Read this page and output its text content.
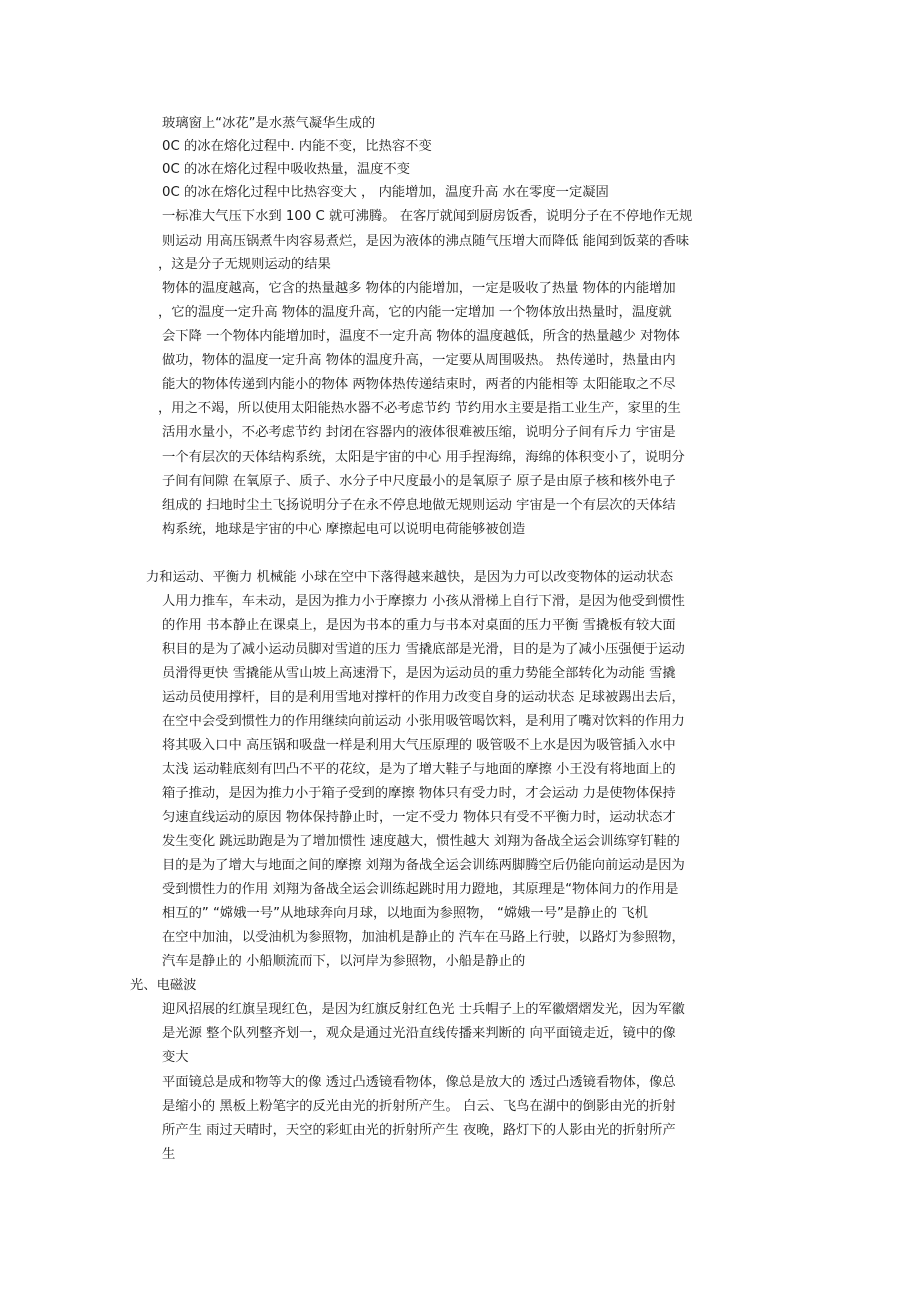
玻璃窗上“冰花”是水蒸气凝华生成的
0C 的冰在熔化过程中. 内能不变，比热容不变
0C 的冰在熔化过程中吸收热量，温度不变
0C 的冰在熔化过程中比热容变大 ， 内能增加，温度升高 水在零度一定凝固
一标准大气压下水到 100 C 就可沸腾。 在客厅就闻到厨房饭香，说明分子在不停地作无规
则运动 用高压锅煮牛肉容易煮烂，是因为液体的沸点随气压增大而降低 能闻到饭菜的香味
，这是分子无规则运动的结果
物体的温度越高，它含的热量越多 物体的内能增加，一定是吸收了热量 物体的内能增加
，它的温度一定升高 物体的温度升高，它的内能一定增加 一个物体放出热量时，温度就
会下降 一个物体内能增加时，温度不一定升高 物体的温度越低，所含的热量越少 对物体
做功，物体的温度一定升高 物体的温度升高，一定要从周围吸热。 热传递时，热量由内
能大的物体传递到内能小的物体 两物体热传递结束时，两者的内能相等 太阳能取之不尽
，用之不竭，所以使用太阳能热水器不必考虑节约 节约用水主要是指工业生产，家里的生
活用水量小，不必考虑节约 封闭在容器内的液体很难被压缩，说明分子间有斥力 宇宙是
一个有层次的天体结构系统，太阳是宇宙的中心 用手捏海绵，海绵的体积变小了，说明分
子间有间隙 在氧原子、质子、水分子中尺度最小的是氧原子 原子是由原子核和核外电子
组成的 扫地时尘土飞扬说明分子在永不停息地做无规则运动 宇宙是一个有层次的天体结
构系统，地球是宇宙的中心 摩擦起电可以说明电荷能够被创造
力和运动、平衡力 机械能 小球在空中下落得越来越快，是因为力可以改变物体的运动状态
人用力推车，车未动，是因为推力小于摩擦力 小孩从滑梯上自行下滑，是因为他受到惯性
的作用 书本静止在课桌上，是因为书本的重力与书本对桌面的压力平衡 雪撬板有较大面
积目的是为了减小运动员脚对雪道的压力 雪撬底部是光滑，目的是为了减小压强便于运动
员滑得更快 雪撬能从雪山坡上高速滑下，是因为运动员的重力势能全部转化为动能 雪撬
运动员使用撑杆，目的是利用雪地对撑杆的作用力改变自身的运动状态 足球被踢出去后，
在空中会受到惯性力的作用继续向前运动 小张用吸管喝饮料，是利用了嘴对饮料的作用力
将其吸入口中 高压锅和吸盘一样是利用大气压原理的 吸管吸不上水是因为吸管插入水中
太浅 运动鞋底刻有凹凸不平的花纹，是为了增大鞋子与地面的摩擦 小王没有将地面上的
箱子推动，是因为推力小于箱子受到的摩擦 物体只有受力时，才会运动 力是使物体保持
匀速直线运动的原因 物体保持静止时，一定不受力 物体只有受不平衡力时，运动状态才
发生变化 跳远助跑是为了增加惯性 速度越大，惯性越大 刘翔为备战全运会训练穿钉鞋的
目的是为了增大与地面之间的摩擦 刘翔为备战全运会训练两脚腾空后仍能向前运动是因为
受到惯性力的作用 刘翔为备战全运会训练起跳时用力蹬地，其原理是“物体间力的作用是
相互的” “嫦娥一号”从地球奔向月球，以地面为参照物， “嫦娥一号”是静止的 飞机
在空中加油，以受油机为参照物，加油机是静止的 汽车在马路上行驶，以路灯为参照物，
汽车是静止的 小船顺流而下，以河岸为参照物，小船是静止的
光、电磁波
迎风招展的红旗呈现红色，是因为红旗反射红色光 士兵帽子上的军徽熠熠发光，因为军徽
是光源 整个队列整齐划一，观众是通过光沿直线传播来判断的 向平面镜走近，镜中的像
变大
平面镜总是成和物等大的像 透过凸透镜看物体，像总是放大的 透过凸透镜看物体，像总
是缩小的 黑板上粉笔字的反光由光的折射所产生。 白云、飞鸟在湖中的倒影由光的折射
所产生 雨过天晴时，天空的彩虹由光的折射所产生 夜晚，路灯下的人影由光的折射所产
生
